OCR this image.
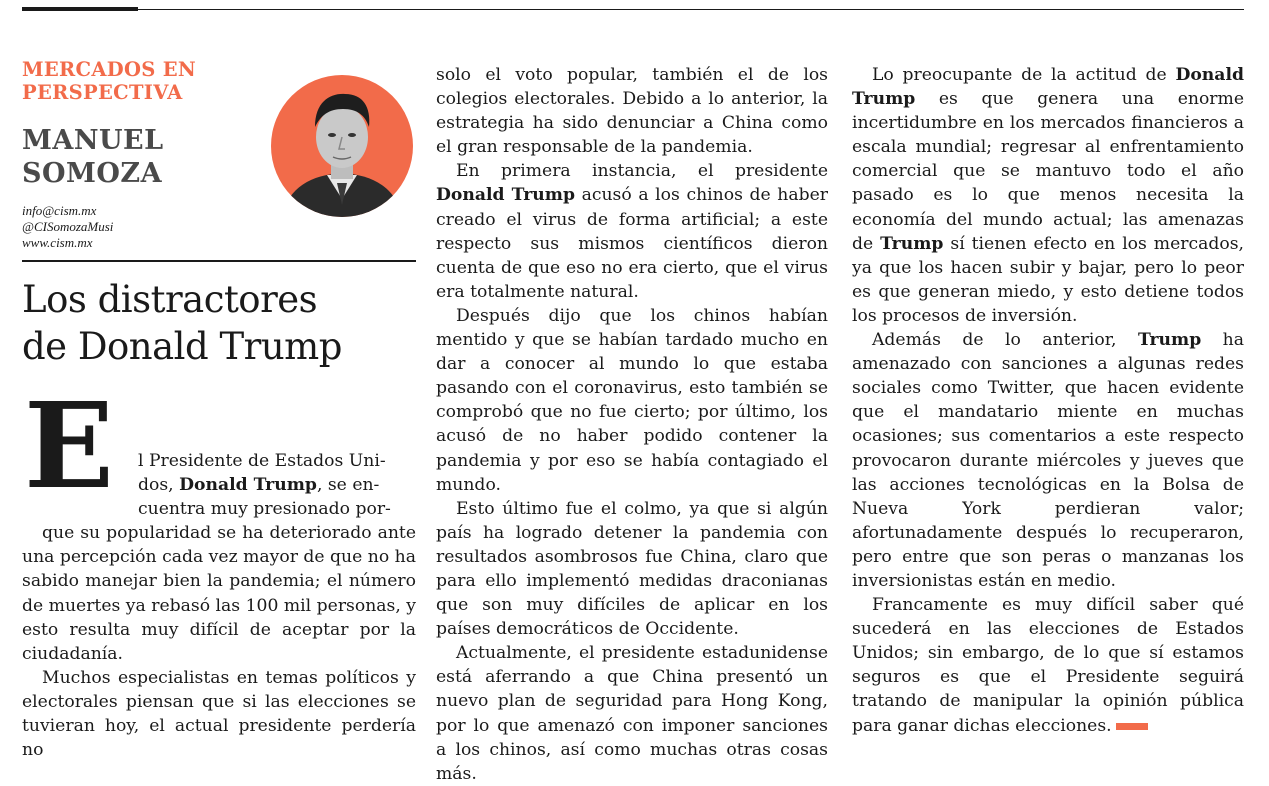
MERCADOS EN
PERSPECTIVA
MANUEL
SOMOZA
info@cism.mx
@CISomozaMusi
www.cism.mx
Los distractores
de Donald Trump
E l Presidente de Estados Uni-
dos, Donald Trump, se en-
cuentra muy presionado por-

que su popularidad se ha deteriorado ante una percepción cada vez mayor de que no ha sabido manejar bien la pandemia; el número de muertes ya rebasó las 100 mil personas, y esto resulta muy difícil de aceptar por la ciudadanía.

Muchos especialistas en temas políticos y electorales piensan que si las elecciones se tuvieran hoy, el actual presidente perdería no

solo el voto popular, también el de los colegios electorales. Debido a lo anterior, la estrategia ha sido denunciar a China como el gran responsable de la pandemia.

En primera instancia, el presidente Donald Trump acusó a los chinos de haber creado el virus de forma artificial; a este respecto sus mismos científicos dieron cuenta de que eso no era cierto, que el virus era totalmente natural.

Después dijo que los chinos habían mentido y que se habían tardado mucho en dar a conocer al mundo lo que estaba pasando con el coronavirus, esto también se comprobó que no fue cierto; por último, los acusó de no haber podido contener la pandemia y por eso se había contagiado el mundo.

Esto último fue el colmo, ya que si algún país ha logrado detener la pandemia con resultados asombrosos fue China, claro que para ello implementó medidas draconianas que son muy difíciles de aplicar en los países democráticos de Occidente.

Actualmente, el presidente estadunidense está aferrando a que China presentó un nuevo plan de seguridad para Hong Kong, por lo que amenazó con imponer sanciones a los chinos, así como muchas otras cosas más.

Lo preocupante de la actitud de Donald Trump es que genera una enorme incertidumbre en los mercados financieros a escala mundial; regresar al enfrentamiento comercial que se mantuvo todo el año pasado es lo que menos necesita la economía del mundo actual; las amenazas de Trump sí tienen efecto en los mercados, ya que los hacen subir y bajar, pero lo peor es que generan miedo, y esto detiene todos los procesos de inversión.

Además de lo anterior, Trump ha amenazado con sanciones a algunas redes sociales como Twitter, que hacen evidente que el mandatario miente en muchas ocasiones; sus comentarios a este respecto provocaron durante miércoles y jueves que las acciones tecnológicas en la Bolsa de Nueva York perdieran valor; afortunadamente después lo recuperaron, pero entre que son peras o manzanas los inversionistas están en medio.

Francamente es muy difícil saber qué sucederá en las elecciones de Estados Unidos; sin embargo, de lo que sí estamos seguros es que el Presidente seguirá tratando de manipular la opinión pública para ganar dichas elecciones.
